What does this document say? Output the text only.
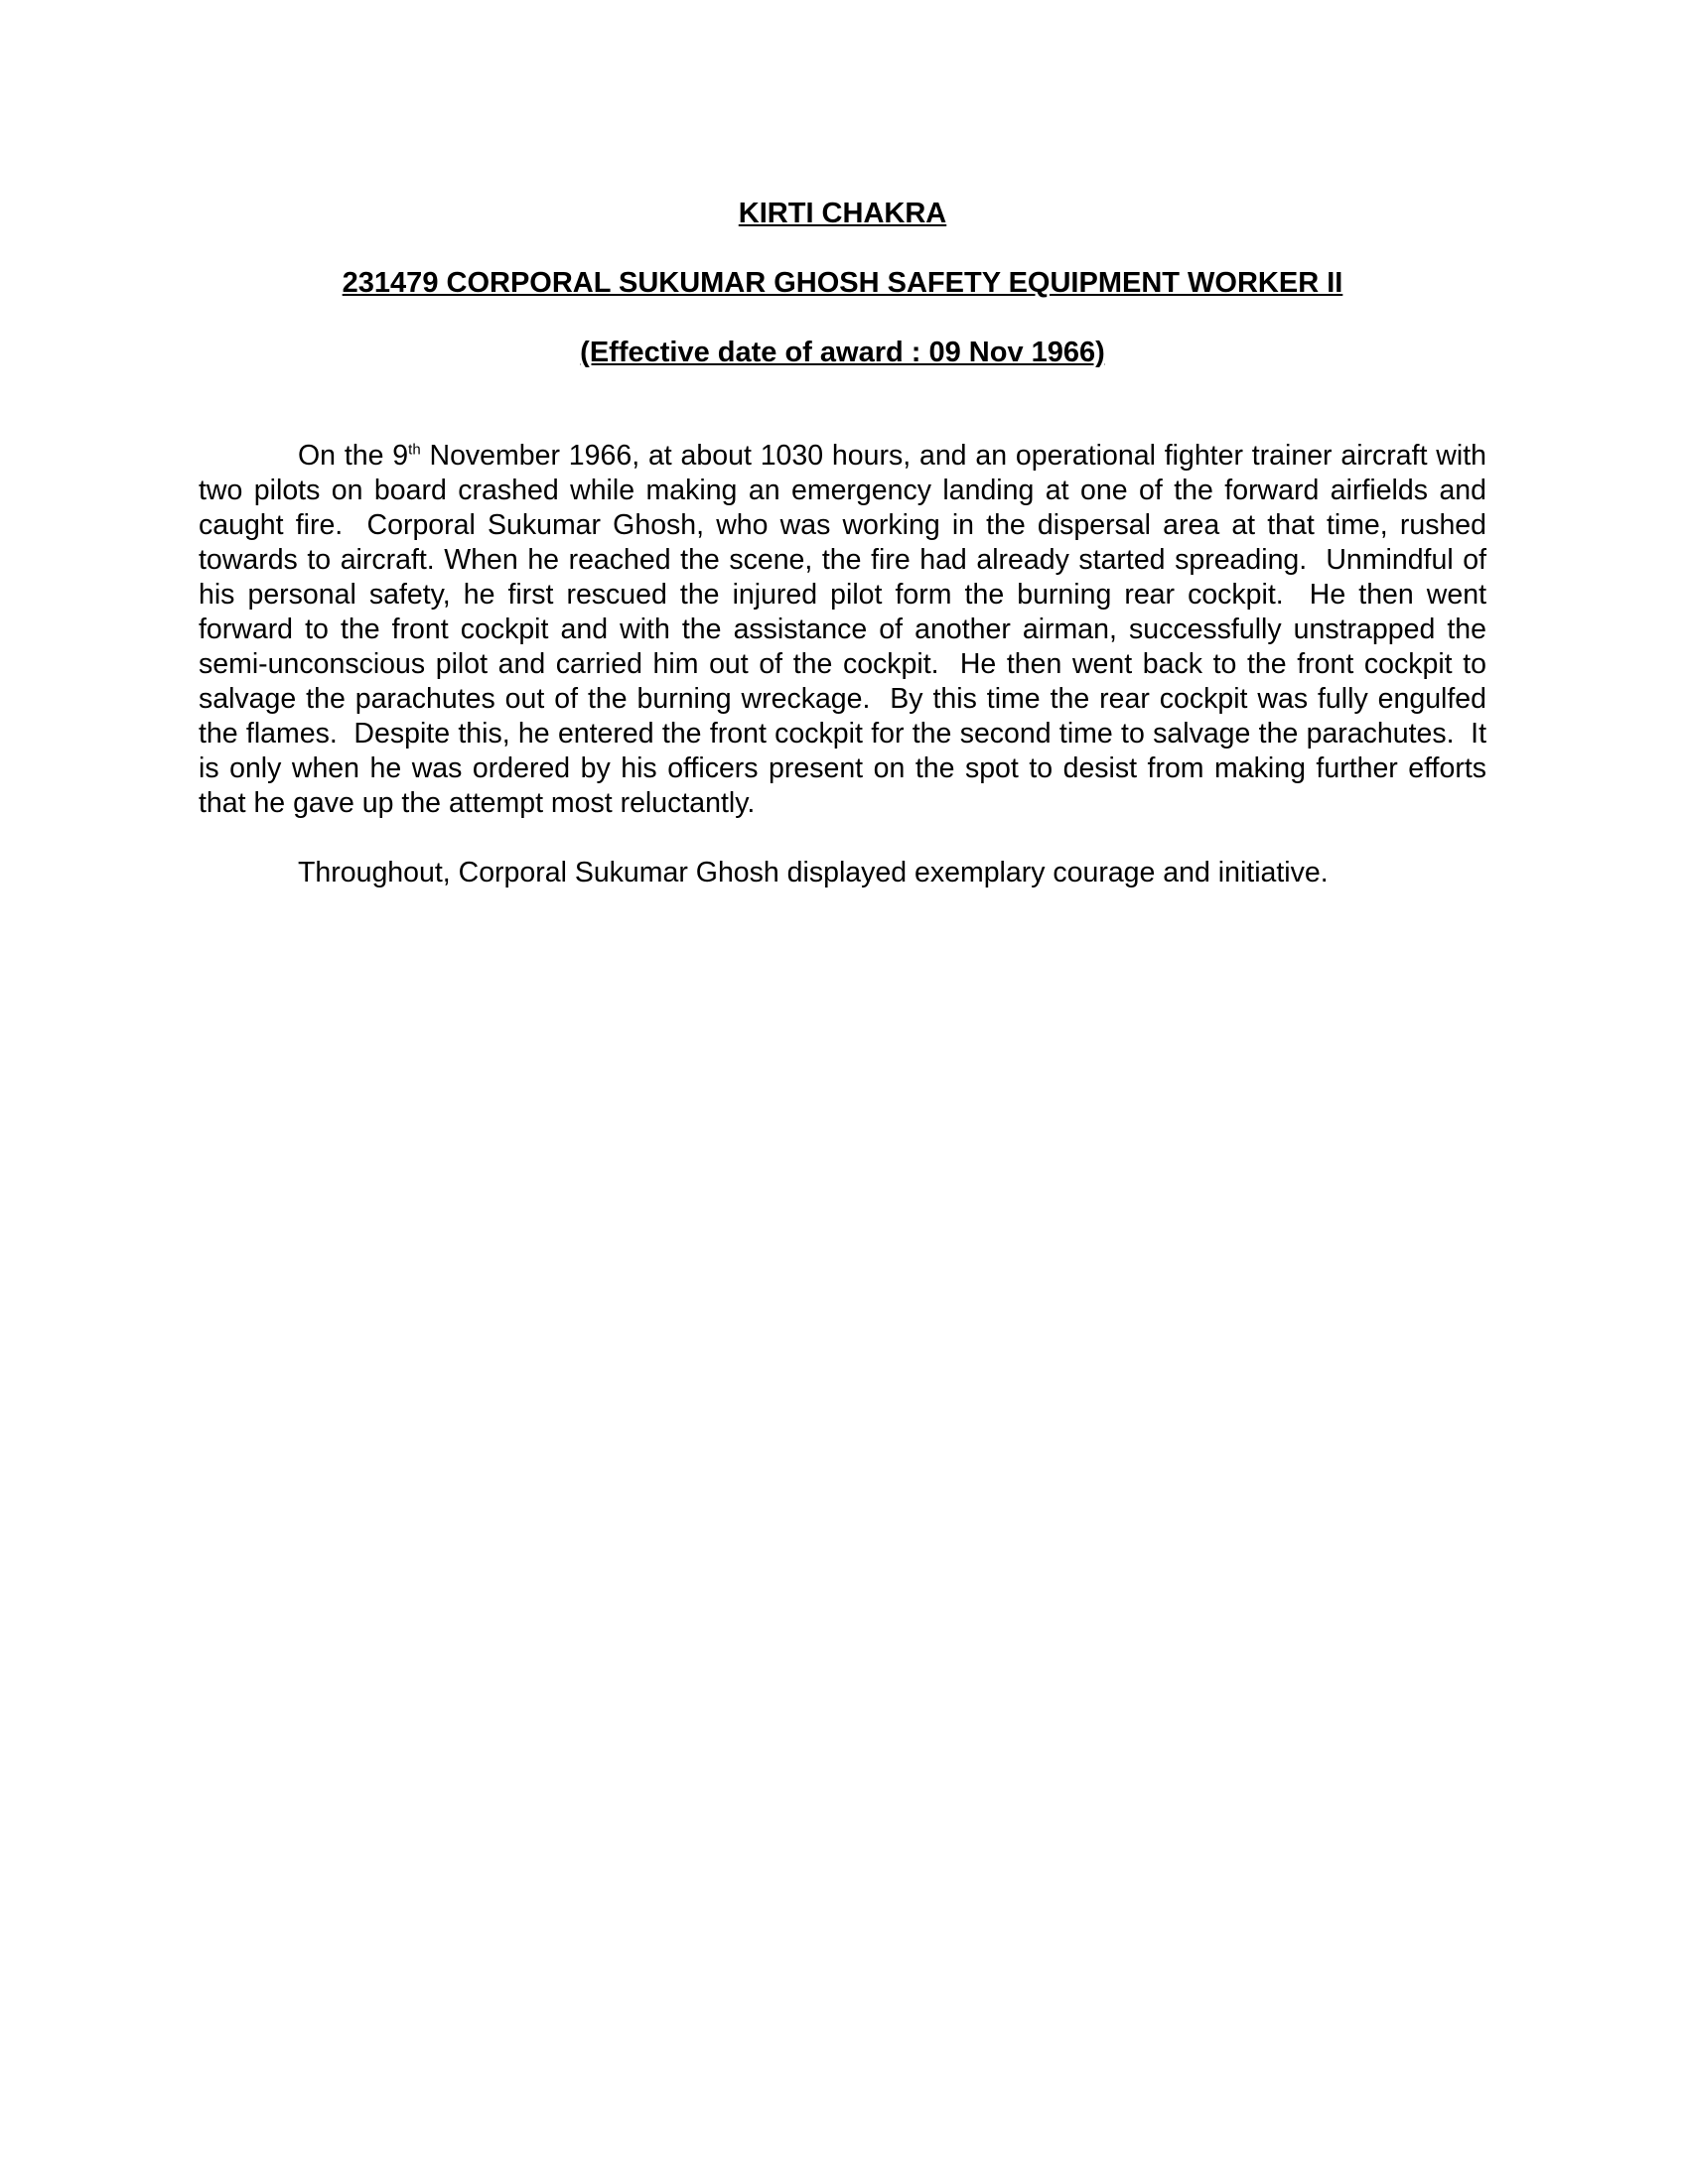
KIRTI CHAKRA
231479 CORPORAL SUKUMAR GHOSH SAFETY EQUIPMENT WORKER II
(Effective date of award : 09 Nov 1966)

On the 9th November 1966, at about 1030 hours, and an operational fighter trainer aircraft with two pilots on board crashed while making an emergency landing at one of the forward airfields and caught fire.  Corporal Sukumar Ghosh, who was working in the dispersal area at that time, rushed towards to aircraft. When he reached the scene, the fire had already started spreading.  Unmindful of his personal safety, he first rescued the injured pilot form the burning rear cockpit.  He then went forward to the front cockpit and with the assistance of another airman, successfully unstrapped the semi-unconscious pilot and carried him out of the cockpit.  He then went back to the front cockpit to salvage the parachutes out of the burning wreckage.  By this time the rear cockpit was fully engulfed the flames.  Despite this, he entered the front cockpit for the second time to salvage the parachutes.  It is only when he was ordered by his officers present on the spot to desist from making further efforts that he gave up the attempt most reluctantly.

Throughout, Corporal Sukumar Ghosh displayed exemplary courage and initiative.
